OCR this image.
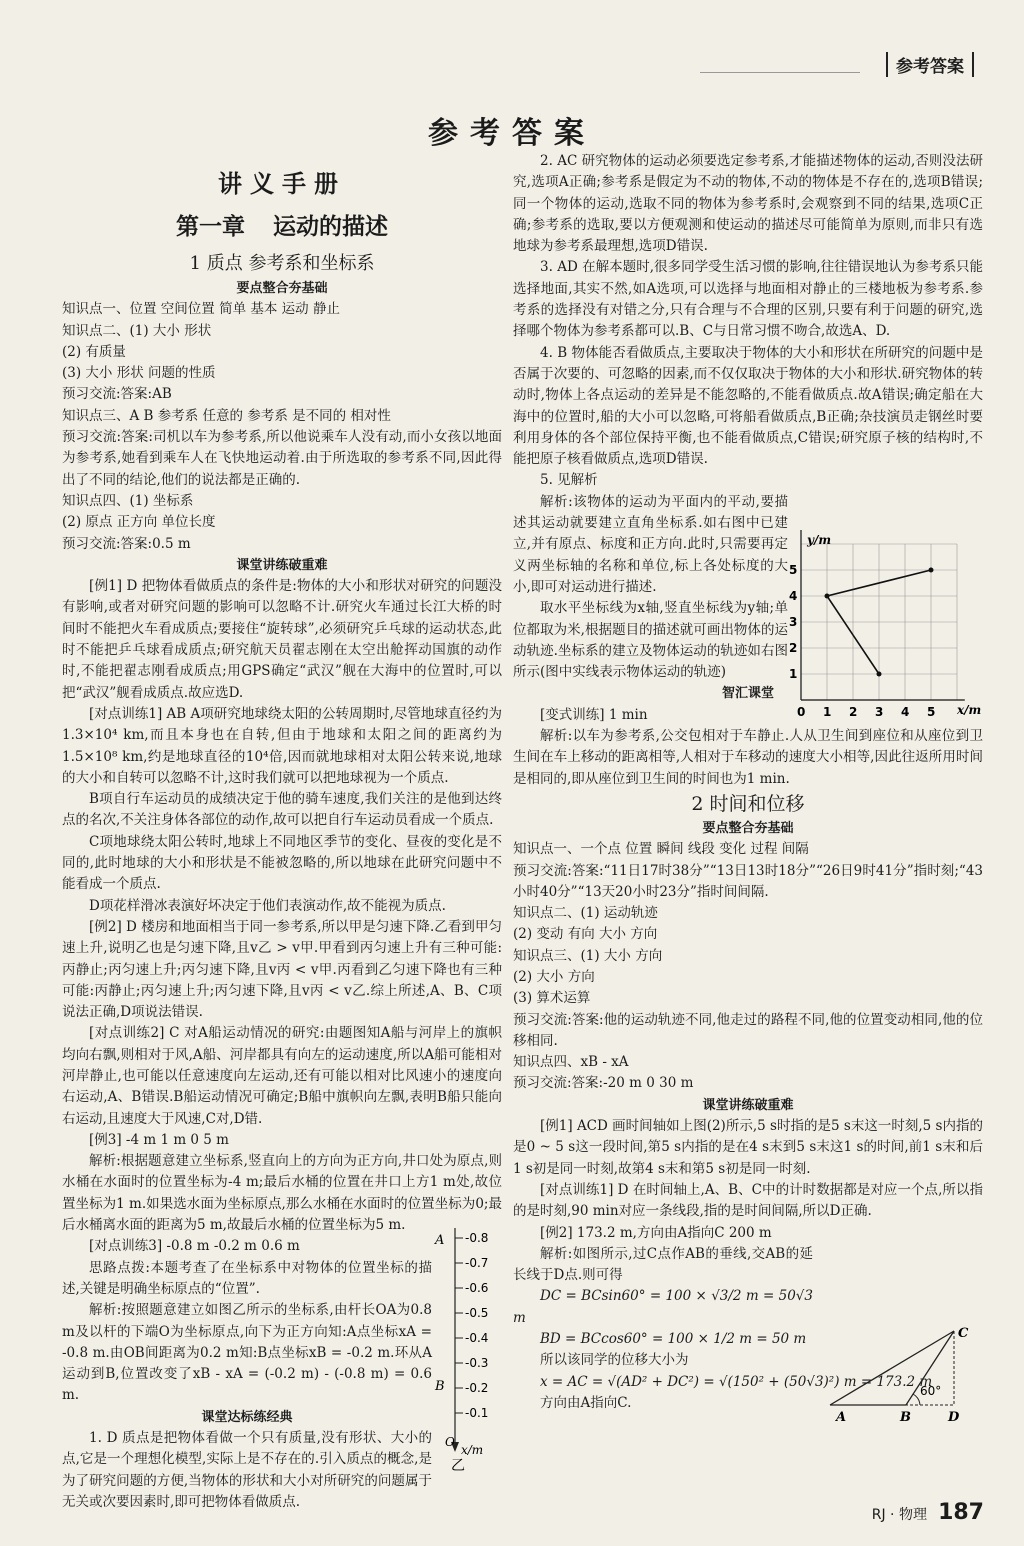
参考答案
参考答案

讲义手册

第一章 运动的描述

1 质点 参考系和坐标系

要点整合夯基础

知识点一、位置 空间位置 简单 基本 运动 静止

知识点二、(1) 大小 形状

(2) 有质量

(3) 大小 形状 问题的性质

预习交流:答案:AB

知识点三、A B 参考系 任意的 参考系 是不同的 相对性

预习交流:答案:司机以车为参考系,所以他说乘车人没有动,而小女孩以地面为参考系,她看到乘车人在飞快地运动着.由于所选取的参考系不同,因此得出了不同的结论,他们的说法都是正确的.

知识点四、(1) 坐标系

(2) 原点 正方向 单位长度

预习交流:答案:0.5 m

课堂讲练破重难

[例1] D 把物体看做质点的条件是:物体的大小和形状对研究的问题没有影响,或者对研究问题的影响可以忽略不计.研究火车通过长江大桥的时间时不能把火车看成质点;要接住“旋转球”,必须研究乒乓球的运动状态,此时不能把乒乓球看成质点;研究航天员翟志刚在太空出舱挥动国旗的动作时,不能把翟志刚看成质点;用GPS确定“武汉”舰在大海中的位置时,可以把“武汉”舰看成质点.故应选D.

[对点训练1] AB A项研究地球绕太阳的公转周期时,尽管地球直径约为1.3×10⁴ km,而且本身也在自转,但由于地球和太阳之间的距离约为1.5×10⁸ km,约是地球直径的10⁴倍,因而就地球相对太阳公转来说,地球的大小和自转可以忽略不计,这时我们就可以把地球视为一个质点.

B项自行车运动员的成绩决定于他的骑车速度,我们关注的是他到达终点的名次,不关注身体各部位的动作,故可以把自行车运动员看成一个质点.

C项地球绕太阳公转时,地球上不同地区季节的变化、昼夜的变化是不同的,此时地球的大小和形状是不能被忽略的,所以地球在此研究问题中不能看成一个质点.

D项花样滑冰表演好坏决定于他们表演动作,故不能视为质点.

[例2] D 楼房和地面相当于同一参考系,所以甲是匀速下降.乙看到甲匀速上升,说明乙也是匀速下降,且v乙 > v甲.甲看到丙匀速上升有三种可能:丙静止;丙匀速上升;丙匀速下降,且v丙 < v甲.丙看到乙匀速下降也有三种可能:丙静止;丙匀速上升;丙匀速下降,且v丙 < v乙.综上所述,A、B、C项说法正确,D项说法错误.

[对点训练2] C 对A船运动情况的研究:由题图知A船与河岸上的旗帜均向右飘,则相对于风,A船、河岸都具有向左的运动速度,所以A船可能相对河岸静止,也可能以任意速度向左运动,还有可能以相对比风速小的速度向右运动,A、B错误.B船运动情况可确定;B船中旗帜向左飘,表明B船只能向右运动,且速度大于风速,C对,D错.

[例3] -4 m 1 m 0 5 m

解析:根据题意建立坐标系,竖直向上的方向为正方向,井口处为原点,则水桶在水面时的位置坐标为-4 m;最后水桶的位置在井口上方1 m处,故位置坐标为1 m.如果选水面为坐标原点,那么水桶在水面时的位置坐标为0;最后水桶离水面的距离为5 m,故最后水桶的位置坐标为5 m.

[对点训练3] -0.8 m -0.2 m 0.6 m

思路点拨:本题考查了在坐标系中对物体的位置坐标的描述,关键是明确坐标原点的“位置”.

解析:按照题意建立如图乙所示的坐标系,由杆长OA为0.8 m及以杆的下端O为坐标原点,向下为正方向知:A点坐标xA = -0.8 m.由OB间距离为0.2 m知:B点坐标xB = -0.2 m.环从A运动到B,位置改变了xB - xA = (-0.2 m) - (-0.8 m) = 0.6 m.

课堂达标练经典

1. D 质点是把物体看做一个只有质量,没有形状、大小的点,它是一个理想化模型,实际上是不存在的.引入质点的概念,是为了研究问题的方便,当物体的形状和大小对所研究的问题属于无关或次要因素时,即可把物体看做质点.

-0.8
-0.7
-0.6
-0.5
-0.4
-0.3
-0.2
-0.1
A
B
O
x/m
乙

2. AC 研究物体的运动必须要选定参考系,才能描述物体的运动,否则没法研究,选项A正确;参考系是假定为不动的物体,不动的物体是不存在的,选项B错误;同一个物体的运动,选取不同的物体为参考系时,会观察到不同的结果,选项C正确;参考系的选取,要以方便观测和使运动的描述尽可能简单为原则,而非只有选地球为参考系最理想,选项D错误.

3. AD 在解本题时,很多同学受生活习惯的影响,往往错误地认为参考系只能选择地面,其实不然,如A选项,可以选择与地面相对静止的三楼地板为参考系.参考系的选择没有对错之分,只有合理与不合理的区别,只要有利于问题的研究,选择哪个物体为参考系都可以.B、C与日常习惯不吻合,故选A、D.

4. B 物体能否看做质点,主要取决于物体的大小和形状在所研究的问题中是否属于次要的、可忽略的因素,而不仅仅取决于物体的大小和形状.研究物体的转动时,物体上各点运动的差异是不能忽略的,不能看做质点.故A错误;确定船在大海中的位置时,船的大小可以忽略,可将船看做质点,B正确;杂技演员走钢丝时要利用身体的各个部位保持平衡,也不能看做质点,C错误;研究原子核的结构时,不能把原子核看做质点,选项D错误.

5. 见解析

解析:该物体的运动为平面内的平动,要描述其运动就要建立直角坐标系.如右图中已建立,并有原点、标度和正方向.此时,只需要再定义两坐标轴的名称和单位,标上各处标度的大小,即可对运动进行描述.

取水平坐标线为x轴,竖直坐标线为y轴;单位都取为米,根据题目的描述就可画出物体的运动轨迹.坐标系的建立及物体运动的轨迹如右图所示(图中实线表示物体运动的轨迹)

智汇课堂

[变式训练] 1 min

解析:以车为参考系,公交包相对于车静止.人从卫生间到座位和从座位到卫生间在车上移动的距离相等,人相对于车移动的速度大小相等,因此往返所用时间是相同的,即从座位到卫生间的时间也为1 min.

2 时间和位移

要点整合夯基础

知识点一、一个点 位置 瞬间 线段 变化 过程 间隔

预习交流:答案:“11日17时38分”“13日13时18分”“26日9时41分”指时刻;“43小时40分”“13天20小时23分”指时间间隔.

知识点二、(1) 运动轨迹

(2) 变动 有向 大小 方向

知识点三、(1) 大小 方向

(2) 大小 方向

(3) 算术运算

预习交流:答案:他的运动轨迹不同,他走过的路程不同,他的位置变动相同,他的位移相同.

知识点四、xB - xA

预习交流:答案:-20 m 0 30 m

课堂讲练破重难

[例1] ACD 画时间轴如上图(2)所示,5 s时指的是5 s末这一时刻,5 s内指的是0 ~ 5 s这一段时间,第5 s内指的是在4 s末到5 s末这1 s的时间,前1 s末和后1 s初是同一时刻,故第4 s末和第5 s初是同一时刻.

[对点训练1] D 在时间轴上,A、B、C中的计时数据都是对应一个点,所以指的是时刻,90 min对应一条线段,指的是时间间隔,所以D正确.

[例2] 173.2 m,方向由A指向C 200 m

解析:如图所示,过C点作AB的垂线,交AB的延长线于D点.则可得

DC = BCsin60° = 100 × √3/2 m = 50√3 m

BD = BCcos60° = 100 × 1/2 m = 50 m

所以该同学的位移大小为

x = AC = √(AD² + DC²) = √(150² + (50√3)²) m = 173.2 m

方向由A指向C.

1
2
3
4
5
0 1 2 3 4 5
y/m
x/m
60°
A	B	D
C
RJ · 物理 187
